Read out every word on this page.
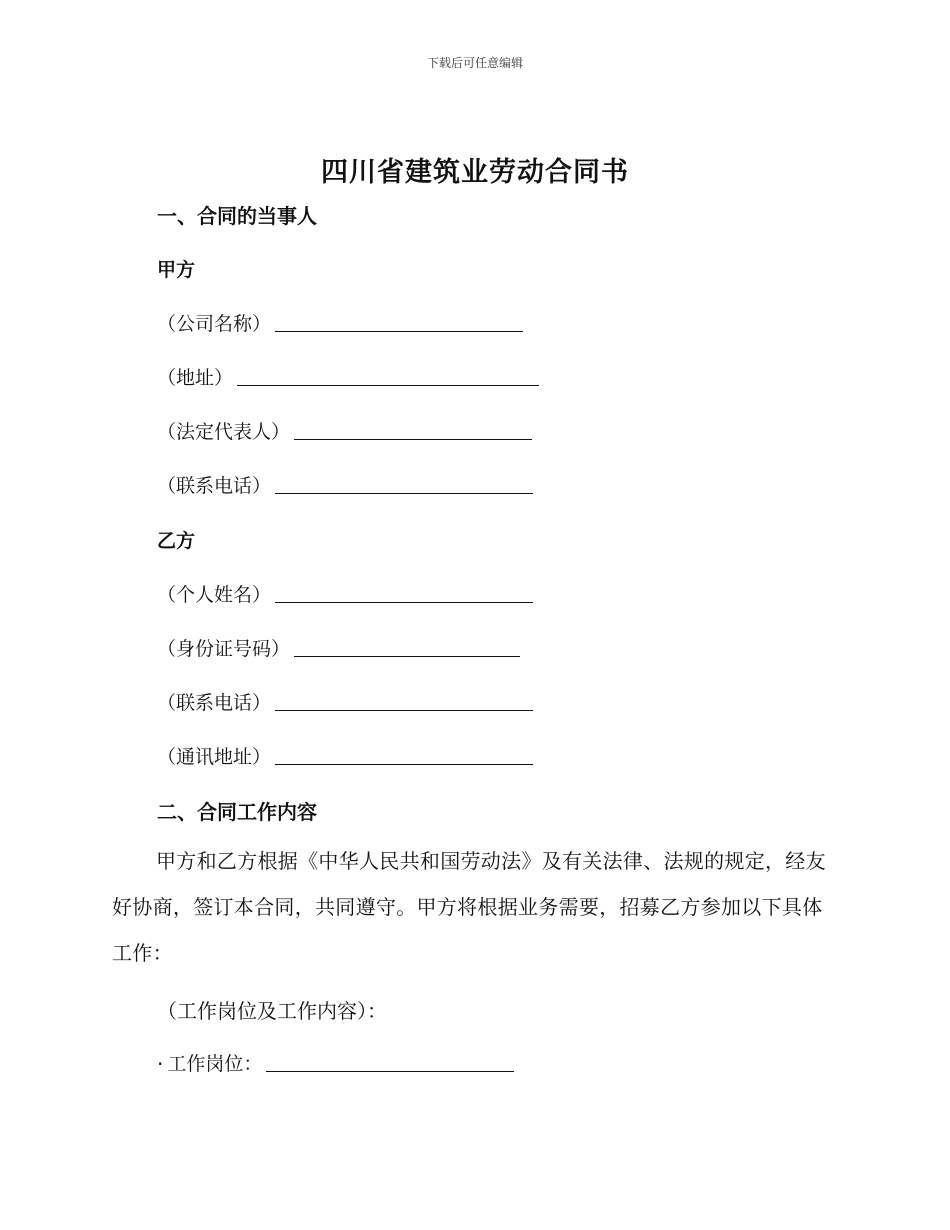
下载后可任意编辑
四川省建筑业劳动合同书
一、合同的当事人
甲方
（公司名称）
（地址）
（法定代表人）
（联系电话）
乙方
（个人姓名）
（身份证号码）
（联系电话）
（通讯地址）
二、合同工作内容
甲方和乙方根据《中华人民共和国劳动法》及有关法律、法规的规定，经友好协商，签订本合同，共同遵守。甲方将根据业务需要，招募乙方参加以下具体工作：
（工作岗位及工作内容）：
· 工作岗位：
